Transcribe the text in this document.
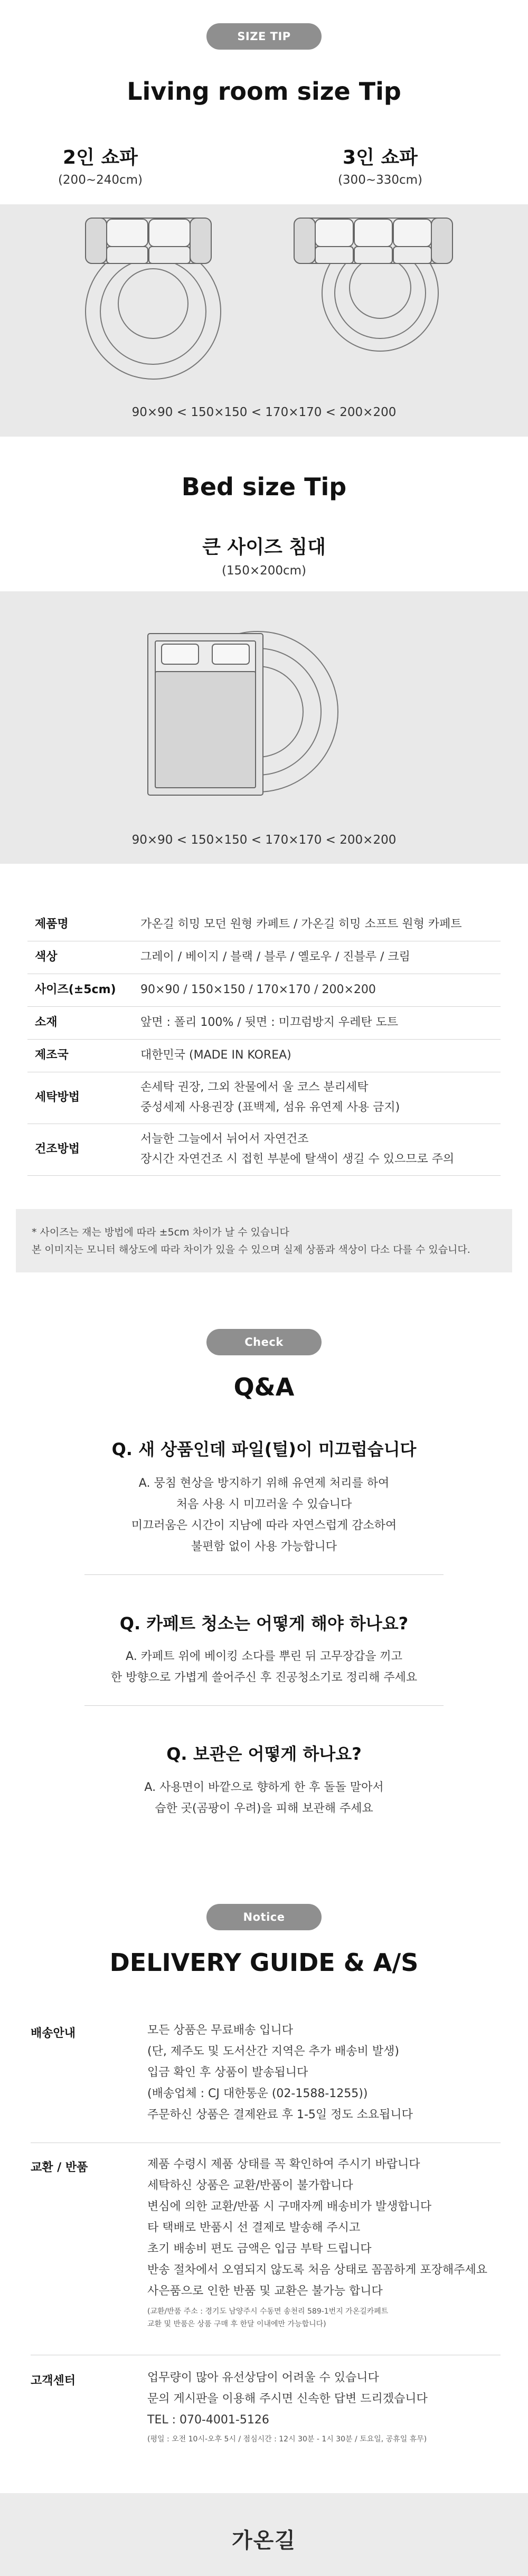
SIZE TIP
Living room size Tip
2인 쇼파
(200~240cm)
3인 쇼파
(300~330cm)
90×90 < 150×150 < 170×170 < 200×200
Bed size Tip
큰 사이즈 침대
(150×200cm)
90×90 < 150×150 < 170×170 < 200×200
제품명	가온길 히밍 모던 원형 카페트 / 가온길 히밍 소프트 원형 카페트

색상	그레이 / 베이지 / 블랙 / 블루 / 옐로우 / 진블루 / 크림

사이즈(±5cm)	90×90 / 150×150 / 170×170 / 200×200

소재	앞면 : 폴리 100% / 뒷면 : 미끄럼방지 우레탄 도트

제조국	대한민국 (MADE IN KOREA)

세탁방법	손세탁 권장, 그외 찬물에서 울 코스 분리세탁
중성세제 사용권장 (표백제, 섬유 유연제 사용 금지)

건조방법	서늘한 그늘에서 뉘어서 자연건조
장시간 자연건조 시 접힌 부분에 탈색이 생길 수 있으므로 주의
* 사이즈는 재는 방법에 따라 ±5cm 차이가 날 수 있습니다
본 이미지는 모니터 해상도에 따라 차이가 있을 수 있으며 실제 상품과 색상이 다소 다를 수 있습니다.
Check
Q&A
Q. 새 상품인데 파일(털)이 미끄럽습니다
A. 뭉침 현상을 방지하기 위해 유연제 처리를 하여
처음 사용 시 미끄러울 수 있습니다
미끄러움은 시간이 지남에 따라 자연스럽게 감소하여
불편함 없이 사용 가능합니다
Q. 카페트 청소는 어떻게 해야 하나요?
A. 카페트 위에 베이킹 소다를 뿌린 뒤 고무장갑을 끼고
한 방향으로 가볍게 쓸어주신 후 진공청소기로 정리해 주세요
Q. 보관은 어떻게 하나요?
A. 사용면이 바깥으로 향하게 한 후 돌돌 말아서
습한 곳(곰팡이 우려)을 피해 보관해 주세요
Notice
DELIVERY GUIDE & A/S
배송안내	모든 상품은 무료배송 입니다
(단, 제주도 및 도서산간 지역은 추가 배송비 발생)
입금 확인 후 상품이 발송됩니다
(배송업체 : CJ 대한통운 (02-1588-1255))
주문하신 상품은 결제완료 후 1-5일 정도 소요됩니다
교환 / 반품	제품 수령시 제품 상태를 꼭 확인하여 주시기 바랍니다
세탁하신 상품은 교환/반품이 불가합니다
변심에 의한 교환/반품 시 구매자께 배송비가 발생합니다
타 택배로 반품시 선 결제로 발송해 주시고
초기 배송비 편도 금액은 입금 부탁 드립니다
반송 절차에서 오염되지 않도록 처음 상태로 꼼꼼하게 포장해주세요
사은품으로 인한 반품 및 교환은 불가능 합니다
(교환/반품 주소 : 경기도 남양주시 수동면 송천리 589-1번지 가온길카페트
교환 및 반품은 상품 구매 후 한달 이내에만 가능합니다)
고객센터	업무량이 많아 유선상담이 어려울 수 있습니다
문의 게시판을 이용해 주시면 신속한 답변 드리겠습니다
TEL : 070-4001-5126
(평일 : 오전 10시-오후 5시 / 점심시간 : 12시 30분 - 1시 30분 / 토요일, 공휴일 휴무)
가온길
